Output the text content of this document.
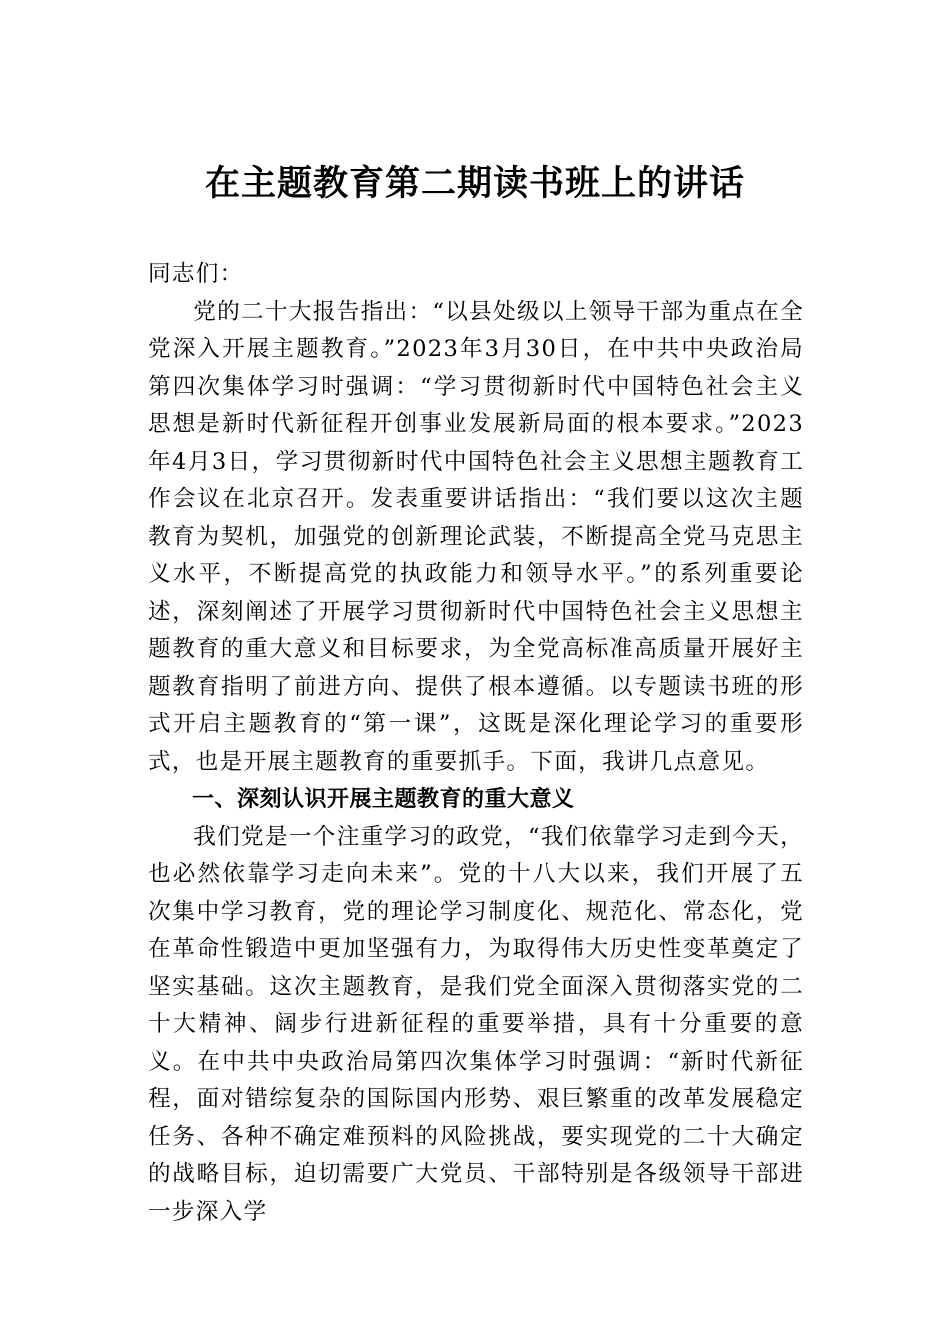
在主题教育第二期读书班上的讲话

同志们：

党的二十大报告指出：“以县处级以上领导干部为重点在全党深入开展主题教育。”2023年3月30日，在中共中央政治局第四次集体学习时强调：“学习贯彻新时代中国特色社会主义思想是新时代新征程开创事业发展新局面的根本要求。”2023年4月3日，学习贯彻新时代中国特色社会主义思想主题教育工作会议在北京召开。发表重要讲话指出：“我们要以这次主题教育为契机，加强党的创新理论武装，不断提高全党马克思主义水平，不断提高党的执政能力和领导水平。”的系列重要论述，深刻阐述了开展学习贯彻新时代中国特色社会主义思想主题教育的重大意义和目标要求，为全党高标准高质量开展好主题教育指明了前进方向、提供了根本遵循。以专题读书班的形式开启主题教育的“第一课”，这既是深化理论学习的重要形式，也是开展主题教育的重要抓手。下面，我讲几点意见。

一、深刻认识开展主题教育的重大意义

我们党是一个注重学习的政党，“我们依靠学习走到今天，也必然依靠学习走向未来”。党的十八大以来，我们开展了五次集中学习教育，党的理论学习制度化、规范化、常态化，党在革命性锻造中更加坚强有力，为取得伟大历史性变革奠定了坚实基础。这次主题教育，是我们党全面深入贯彻落实党的二十大精神、阔步行进新征程的重要举措，具有十分重要的意义。在中共中央政治局第四次集体学习时强调：“新时代新征程，面对错综复杂的国际国内形势、艰巨繁重的改革发展稳定任务、各种不确定难预料的风险挑战，要实现党的二十大确定的战略目标，迫切需要广大党员、干部特别是各级领导干部进一步深入学
